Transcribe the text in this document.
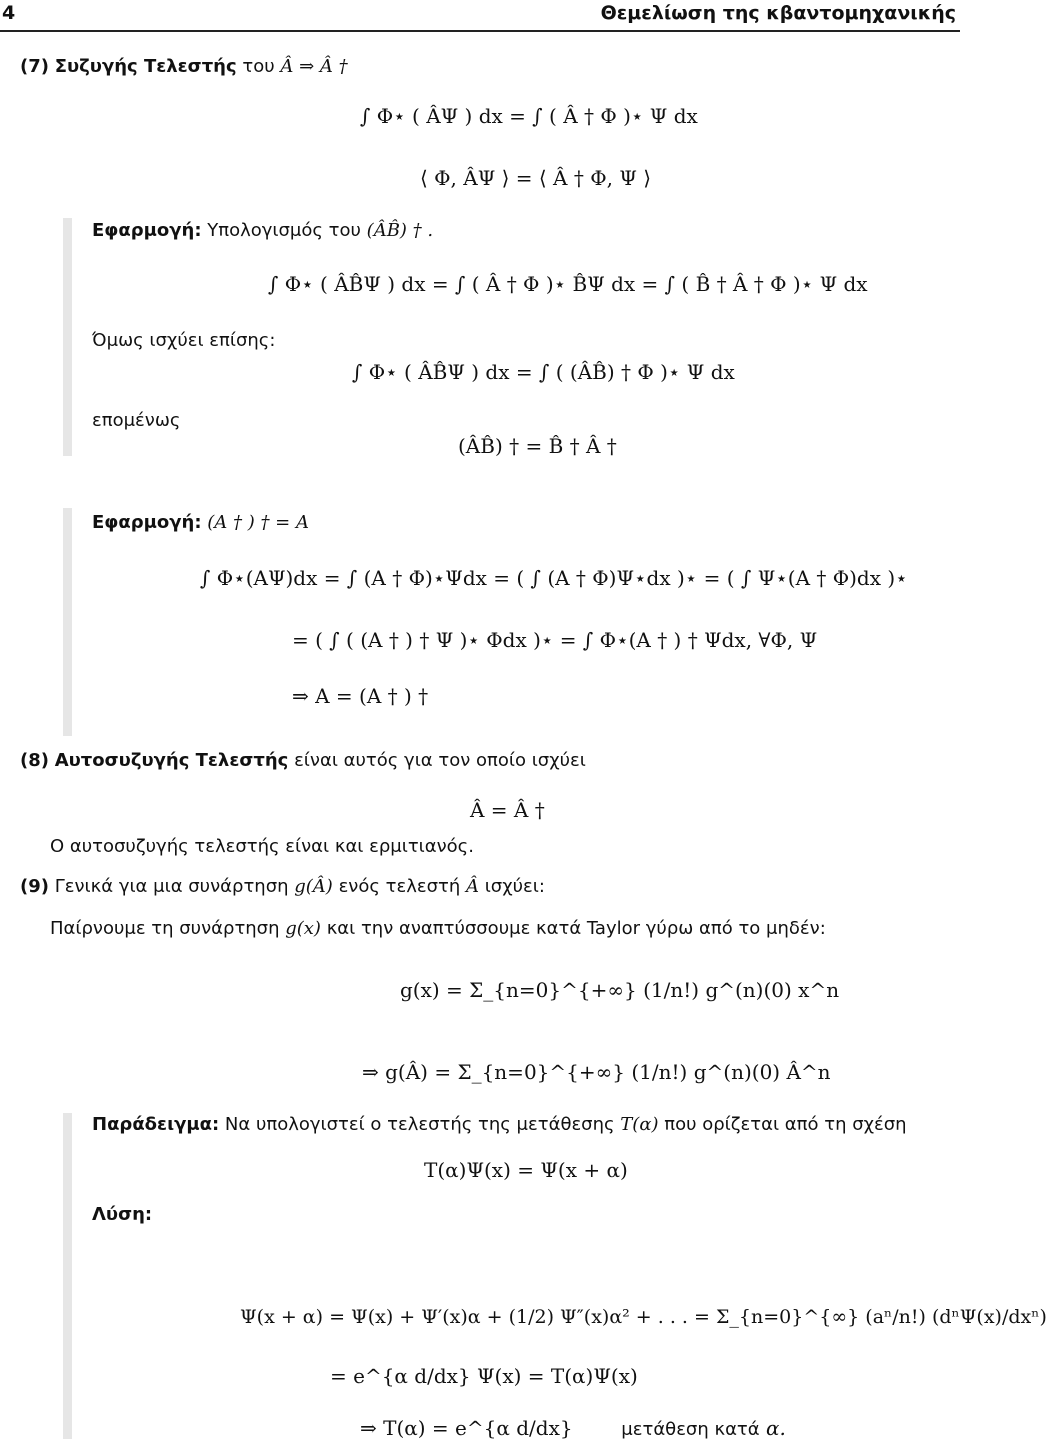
4	Θεμελίωση της κβαντομηχανικής
(7) Συζυγής Τελεστής του Â ⇒ Â †
∫ Φ⋆ ( ÂΨ ) dx = ∫ ( Â † Φ )⋆ Ψ dx
⟨ Φ, ÂΨ ⟩ = ⟨ Â † Φ, Ψ ⟩
Εφαρμογή: Υπολογισμός του (ÂB̂) † .
∫ Φ⋆ ( ÂB̂Ψ ) dx = ∫ ( Â † Φ )⋆ B̂Ψ dx = ∫ ( B̂ † Â † Φ )⋆ Ψ dx
Όμως ισχύει επίσης:
∫ Φ⋆ ( ÂB̂Ψ ) dx = ∫ ( (ÂB̂) † Φ )⋆ Ψ dx
επομένως
(ÂB̂) † = B̂ † Â †
Εφαρμογή: (A † ) † = A
∫ Φ⋆(AΨ)dx = ∫ (A † Φ)⋆Ψdx = ( ∫ (A † Φ)Ψ⋆dx )⋆ = ( ∫ Ψ⋆(A † Φ)dx )⋆
= ( ∫ ( (A † ) † Ψ )⋆ Φdx )⋆ = ∫ Φ⋆(A † ) † Ψdx, ∀Φ, Ψ
⇒ A = (A † ) †
(8) Αυτοσυζυγής Τελεστής είναι αυτός για τον οποίο ισχύει
Â = Â †
Ο αυτοσυζυγής τελεστής είναι και ερμιτιανός.
(9) Γενικά για μια συνάρτηση g(Â) ενός τελεστή Â ισχύει:
Παίρνουμε τη συνάρτηση g(x) και την αναπτύσσουμε κατά Taylor γύρω από το μηδέν:
g(x) = Σ_{n=0}^{+∞} (1/n!) g^(n)(0) x^n
⇒ g(Â) = Σ_{n=0}^{+∞} (1/n!) g^(n)(0) Â^n
Παράδειγμα: Να υπολογιστεί ο τελεστής της μετάθεσης T(α) που ορίζεται από τη σχέση
T(α)Ψ(x) = Ψ(x + α)
Λύση:
Ψ(x + α) = Ψ(x) + Ψ′(x)α + (1/2) Ψ″(x)α² + . . . = Σ_{n=0}^{∞} (aⁿ/n!) (dⁿΨ(x)/dxⁿ)
= e^{α d/dx} Ψ(x) = T(α)Ψ(x)
⇒ T(α) = e^{α d/dx}	μετάθεση κατά α.
